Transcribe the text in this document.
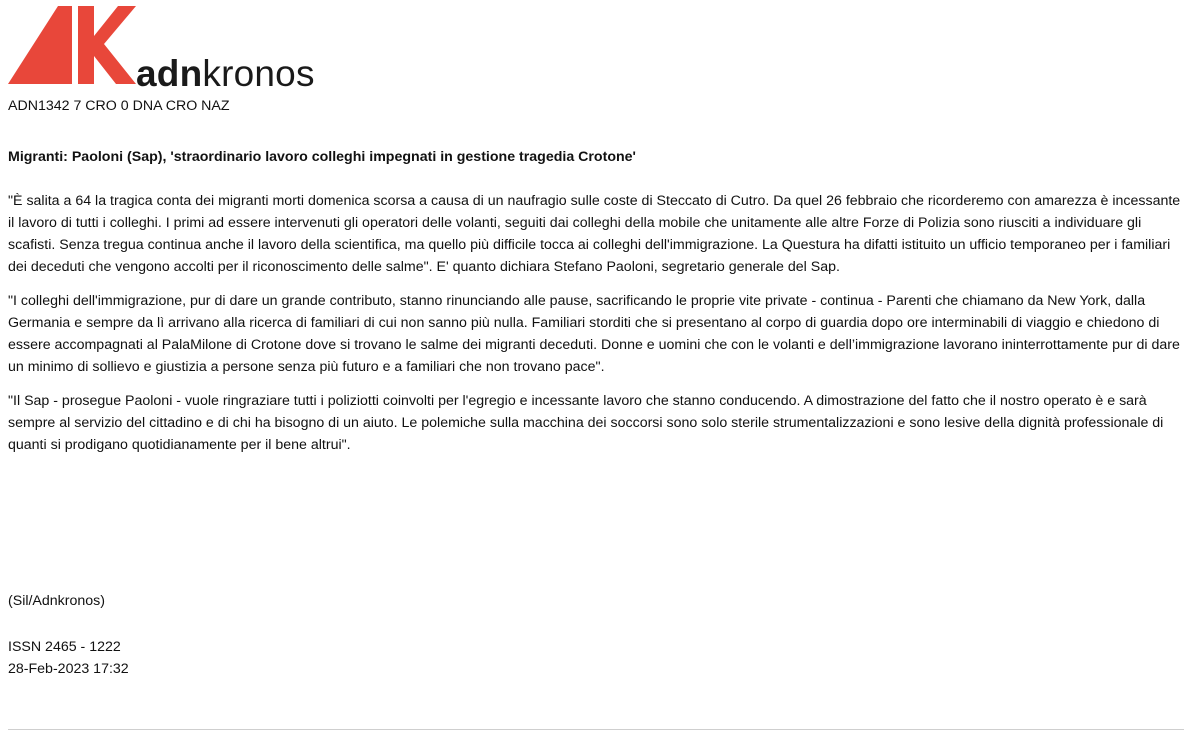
adnkronos
ADN1342 7 CRO 0 DNA CRO NAZ
Migranti: Paoloni (Sap), 'straordinario lavoro colleghi impegnati in gestione tragedia Crotone'

"È salita a 64 la tragica conta dei migranti morti domenica scorsa a causa di un naufragio sulle coste di Steccato di Cutro. Da quel 26 febbraio che ricorderemo con amarezza è incessante il lavoro di tutti i colleghi. I primi ad essere intervenuti gli operatori delle volanti, seguiti dai colleghi della mobile che unitamente alle altre Forze di Polizia sono riusciti a individuare gli scafisti. Senza tregua continua anche il lavoro della scientifica, ma quello più difficile tocca ai colleghi dell'immigrazione. La Questura ha difatti istituito un ufficio temporaneo per i familiari dei deceduti che vengono accolti per il riconoscimento delle salme". E' quanto dichiara Stefano Paoloni, segretario generale del Sap.

"I colleghi dell'immigrazione, pur di dare un grande contributo, stanno rinunciando alle pause, sacrificando le proprie vite private - continua - Parenti che chiamano da New York, dalla Germania e sempre da lì arrivano alla ricerca di familiari di cui non sanno più nulla. Familiari storditi che si presentano al corpo di guardia dopo ore interminabili di viaggio e chiedono di essere accompagnati al PalaMilone di Crotone dove si trovano le salme dei migranti deceduti. Donne e uomini che con le volanti e dell’immigrazione lavorano ininterrottamente pur di dare un minimo di sollievo e giustizia a persone senza più futuro e a familiari che non trovano pace".

"Il Sap - prosegue Paoloni - vuole ringraziare tutti i poliziotti coinvolti per l'egregio e incessante lavoro che stanno conducendo. A dimostrazione del fatto che il nostro operato è e sarà sempre al servizio del cittadino e di chi ha bisogno di un aiuto. Le polemiche sulla macchina dei soccorsi sono solo sterile strumentalizzazioni e sono lesive della dignità professionale di quanti si prodigano quotidianamente per il bene altrui".

(Sil/Adnkronos)
ISSN 2465 - 1222
28-Feb-2023 17:32
